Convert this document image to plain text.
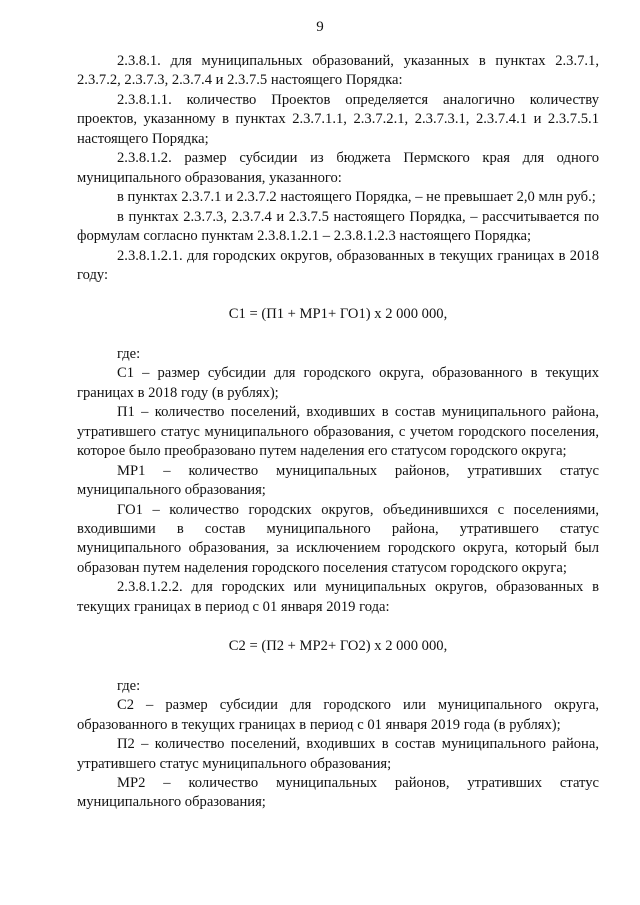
9

2.3.8.1. для муниципальных образований, указанных в пунктах 2.3.7.1, 2.3.7.2, 2.3.7.3, 2.3.7.4 и 2.3.7.5 настоящего Порядка:

2.3.8.1.1. количество Проектов определяется аналогично количеству проектов, указанному в пунктах 2.3.7.1.1, 2.3.7.2.1, 2.3.7.3.1, 2.3.7.4.1 и 2.3.7.5.1 настоящего Порядка;

2.3.8.1.2. размер субсидии из бюджета Пермского края для одного муниципального образования, указанного:

в пунктах 2.3.7.1 и 2.3.7.2 настоящего Порядка, – не превышает 2,0 млн руб.;

в пунктах 2.3.7.3, 2.3.7.4 и 2.3.7.5 настоящего Порядка, – рассчитывается по формулам согласно пунктам 2.3.8.1.2.1 – 2.3.8.1.2.3 настоящего Порядка;

2.3.8.1.2.1. для городских округов, образованных в текущих границах в 2018 году:

С1 = (П1 + МР1+ ГО1) х 2 000 000,

где:

С1 – размер субсидии для городского округа, образованного в текущих границах в 2018 году (в рублях);

П1 – количество поселений, входивших в состав муниципального района, утратившего статус муниципального образования, с учетом городского поселения, которое было преобразовано путем наделения его статусом городского округа;

МР1 – количество муниципальных районов, утративших статус муниципального образования;

ГО1 – количество городских округов, объединившихся с поселениями, входившими в состав муниципального района, утратившего статус муниципального образования, за исключением городского округа, который был образован путем наделения городского поселения статусом городского округа;

2.3.8.1.2.2. для городских или муниципальных округов, образованных в текущих границах в период с 01 января 2019 года:

С2 = (П2 + МР2+ ГО2) х 2 000 000,

где:

С2 – размер субсидии для городского или муниципального округа, образованного в текущих границах в период с 01 января 2019 года (в рублях);

П2 – количество поселений, входивших в состав муниципального района, утратившего статус муниципального образования;

МР2 – количество муниципальных районов, утративших статус муниципального образования;
